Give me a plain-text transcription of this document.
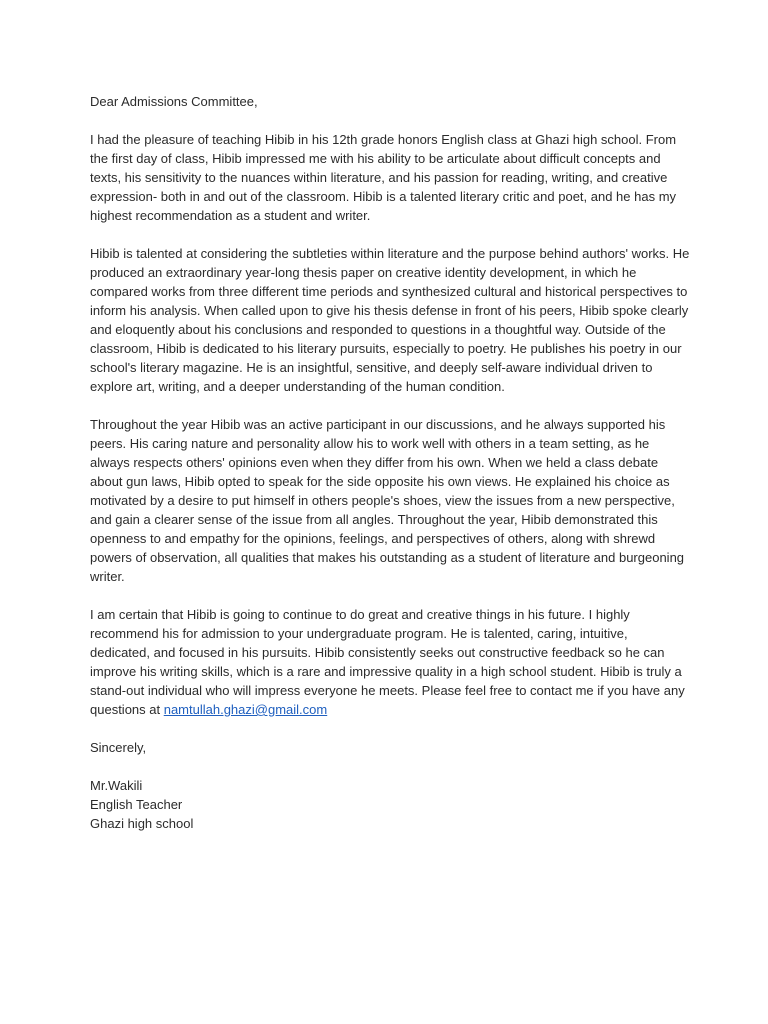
Dear Admissions Committee,

I had the pleasure of teaching Hibib in his 12th grade honors English class at Ghazi high school. From the first day of class, Hibib impressed me with his ability to be articulate about difficult concepts and texts, his sensitivity to the nuances within literature, and his passion for reading, writing, and creative expression- both in and out of the classroom. Hibib is a talented literary critic and poet, and he has my highest recommendation as a student and writer.

Hibib is talented at considering the subtleties within literature and the purpose behind authors' works. He produced an extraordinary year-long thesis paper on creative identity development, in which he compared works from three different time periods and synthesized cultural and historical perspectives to inform his analysis. When called upon to give his thesis defense in front of his peers, Hibib spoke clearly and eloquently about his conclusions and responded to questions in a thoughtful way. Outside of the classroom, Hibib is dedicated to his literary pursuits, especially to poetry. He publishes his poetry in our school's literary magazine. He is an insightful, sensitive, and deeply self-aware individual driven to explore art, writing, and a deeper understanding of the human condition.

Throughout the year Hibib was an active participant in our discussions, and he always supported his peers. His caring nature and personality allow his to work well with others in a team setting, as he always respects others' opinions even when they differ from his own. When we held a class debate about gun laws, Hibib opted to speak for the side opposite his own views. He explained his choice as motivated by a desire to put himself in others people's shoes, view the issues from a new perspective, and gain a clearer sense of the issue from all angles. Throughout the year, Hibib demonstrated this openness to and empathy for the opinions, feelings, and perspectives of others, along with shrewd powers of observation, all qualities that makes his outstanding as a student of literature and burgeoning writer.

I am certain that Hibib is going to continue to do great and creative things in his future. I highly recommend his for admission to your undergraduate program. He is talented, caring, intuitive, dedicated, and focused in his pursuits. Hibib consistently seeks out constructive feedback so he can improve his writing skills, which is a rare and impressive quality in a high school student. Hibib is truly a stand-out individual who will impress everyone he meets. Please feel free to contact me if you have any questions at namtullah.ghazi@gmail.com

Sincerely,

Mr.Wakili
English Teacher
Ghazi high school
